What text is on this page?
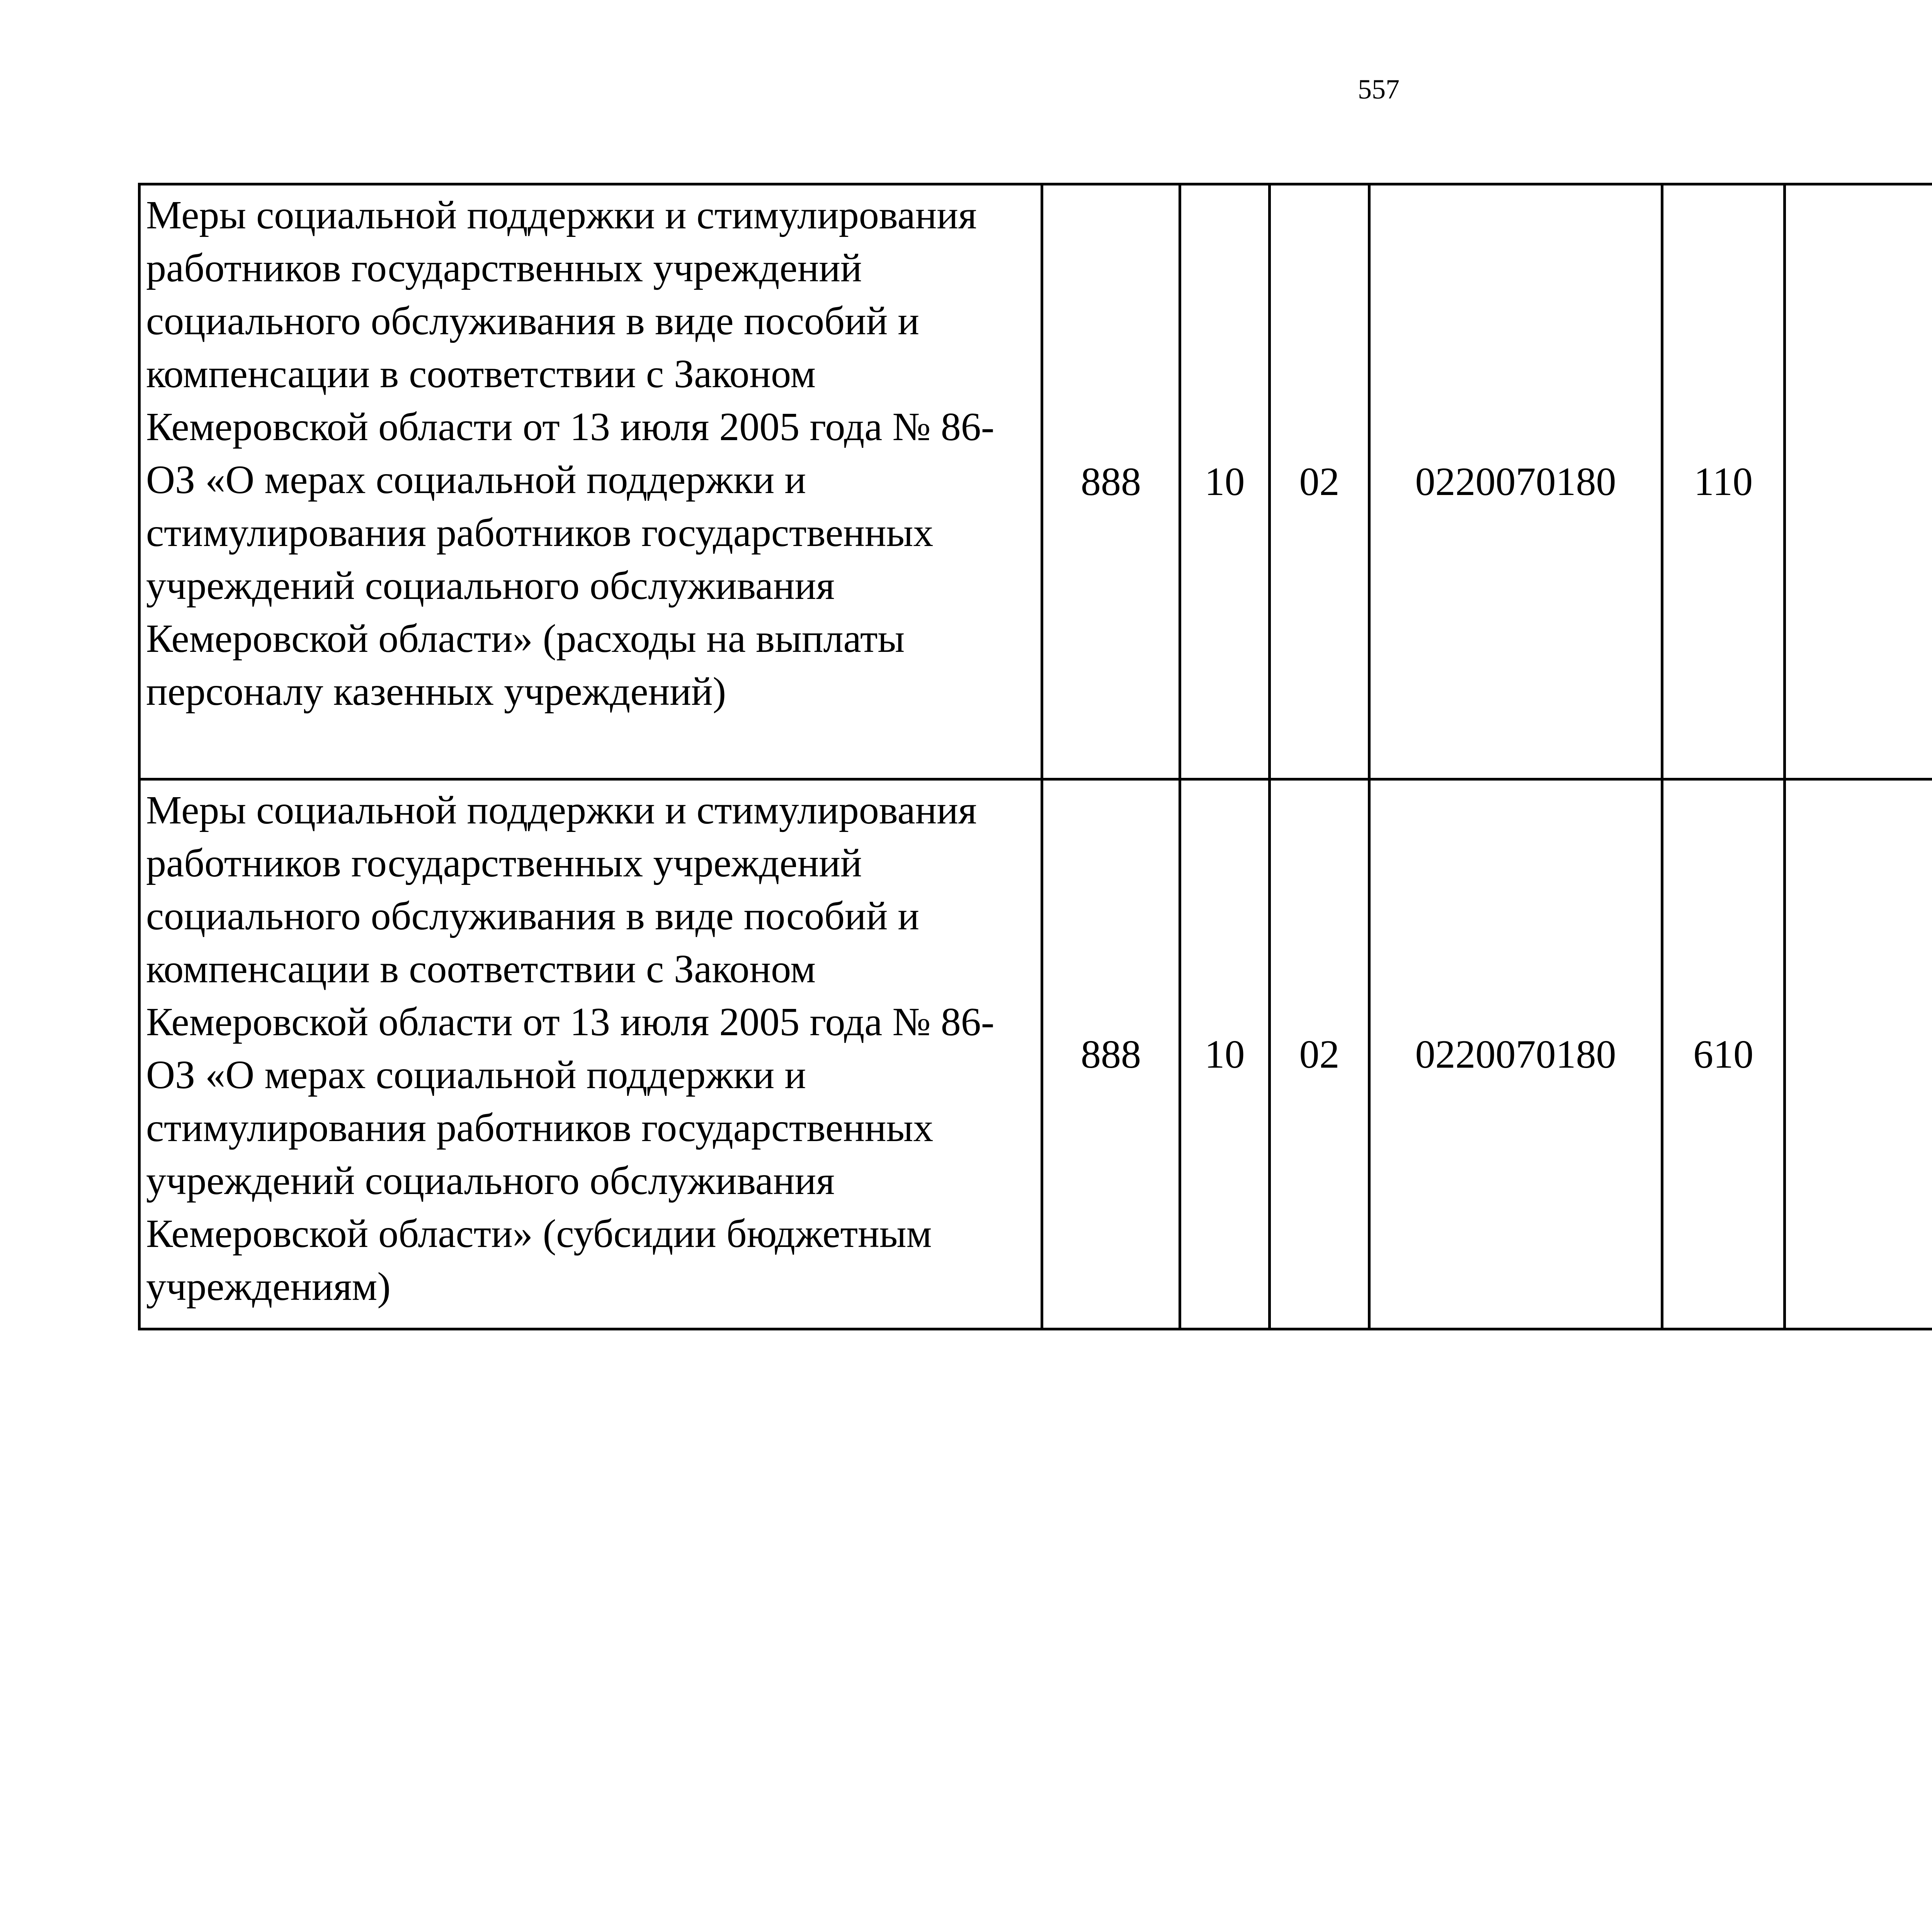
557
Меры социальной поддержки и стимулирования работников государственных учреждений социального обслуживания в виде пособий и компенсации в соответствии с Законом Кемеровской области от 13 июля 2005 года № 86-ОЗ «О мерах социальной поддержки и стимулирования работников государственных учреждений социального обслуживания Кемеровской области» (расходы на выплаты персоналу казенных учреждений)	888	10	02	0220070180	110			
Меры социальной поддержки и стимулирования работников государственных учреждений социального обслуживания в виде пособий и компенсации в соответствии с Законом Кемеровской области от 13 июля 2005 года № 86-ОЗ «О мерах социальной поддержки и стимулирования работников государственных учреждений социального обслуживания Кемеровской области» (субсидии бюджетным учреждениям)	888	10	02	0220070180	610			
